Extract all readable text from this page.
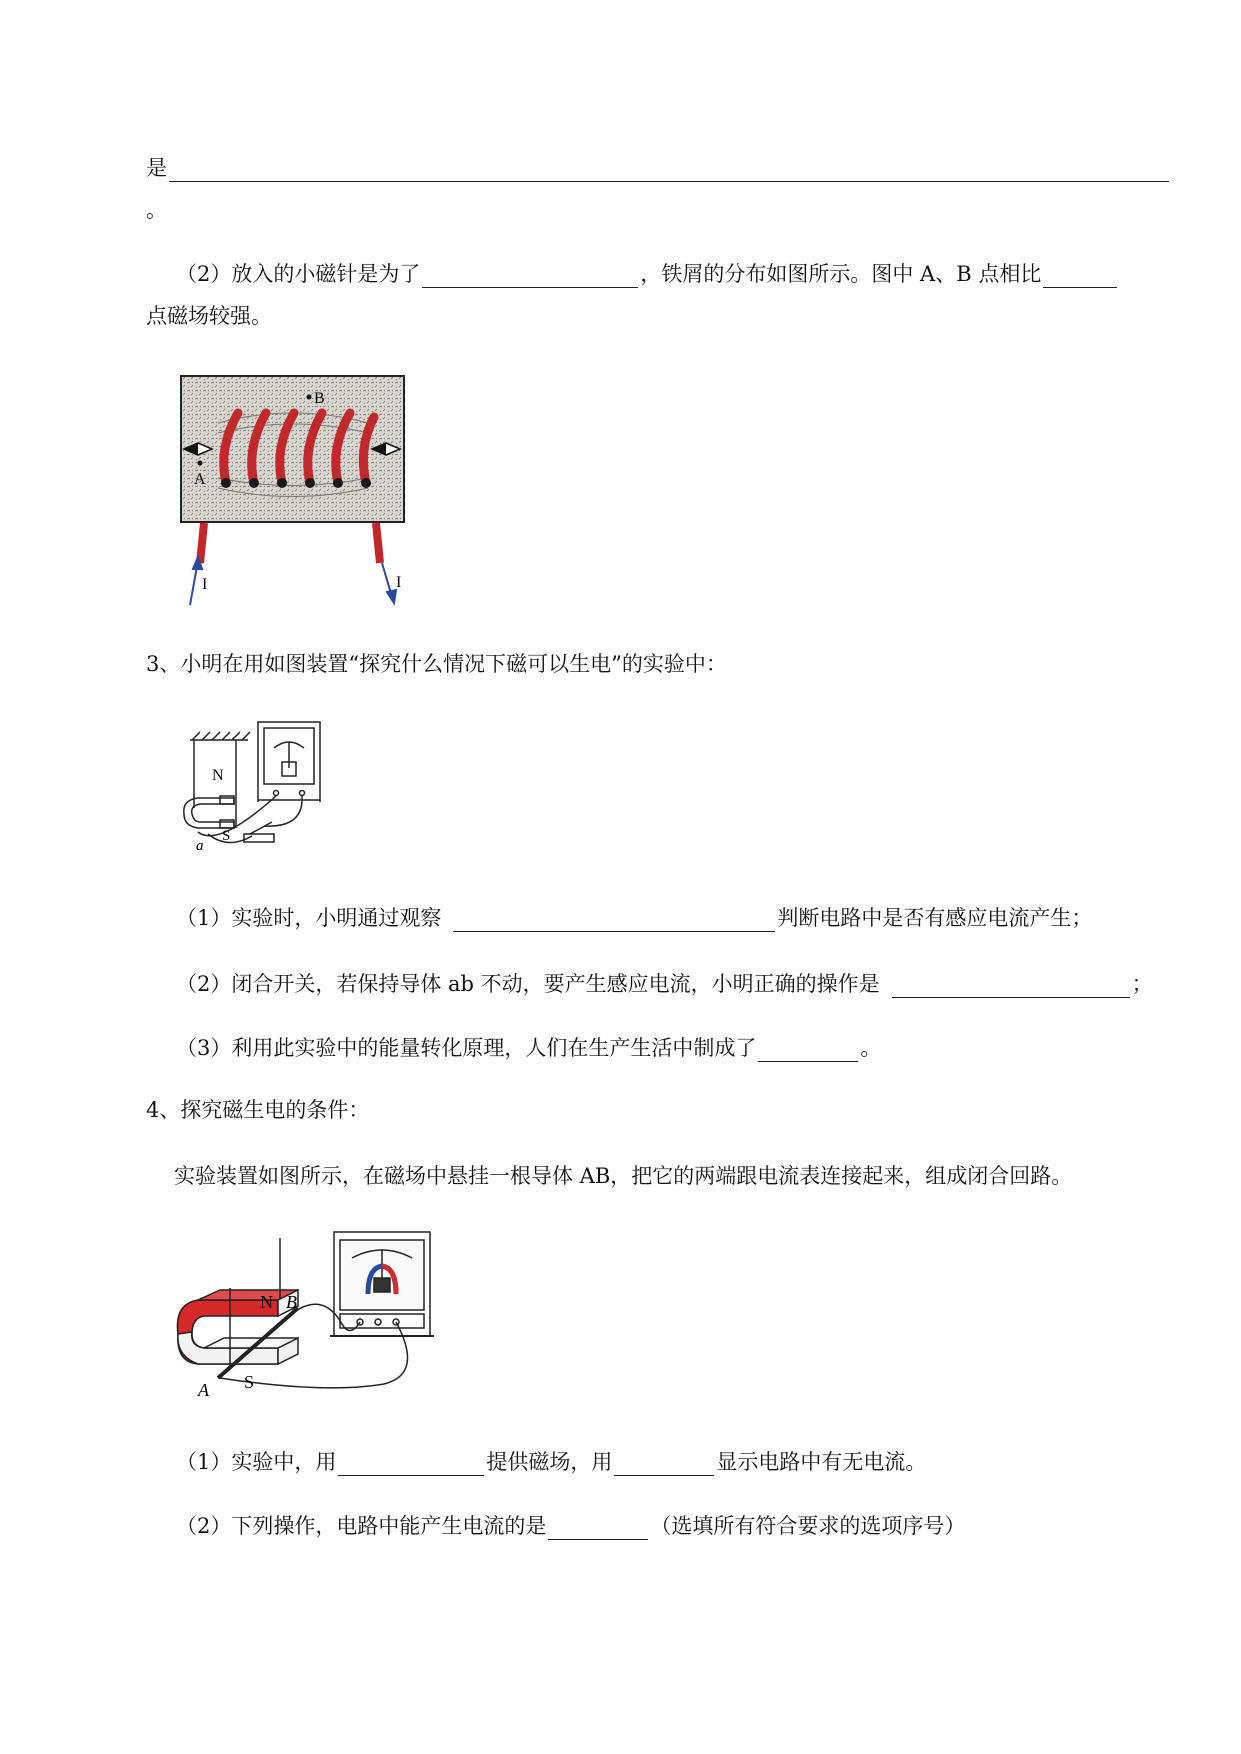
是
。
（2）放入的小磁针是为了	，铁屑的分布如图所示。图中 A、B 点相比
点磁场较强。
B
A
I	I
3、小明在用如图装置“探究什么情况下磁可以生电”的实验中：
N
S
a
（1）实验时，小明通过观察	判断电路中是否有感应电流产生；
（2）闭合开关，若保持导体 ab 不动，要产生感应电流，小明正确的操作是	；
（3）利用此实验中的能量转化原理，人们在生产生活中制成了	。
4、探究磁生电的条件：
实验装置如图所示，在磁场中悬挂一根导体 AB，把它的两端跟电流表连接起来，组成闭合回路。
N B
A S
（1）实验中，用	提供磁场，用	显示电路中有无电流。
（2）下列操作，电路中能产生电流的是	（选填所有符合要求的选项序号）
